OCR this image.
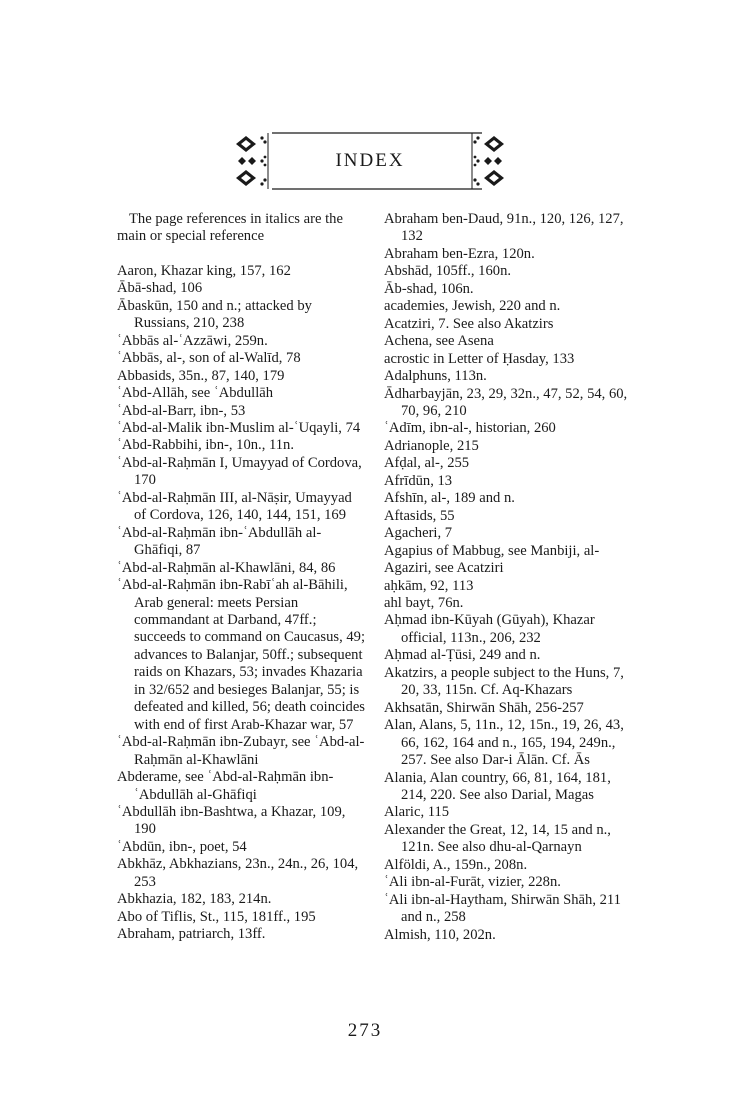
INDEX
The page references in italics are the main or special reference
Aaron, Khazar king, 157, 162
Ābā-shad, 106
Ābaskūn, 150 and n.; attacked by Russians, 210, 238
ʿAbbās al-ʿAzzāwi, 259n.
ʿAbbās, al-, son of al-Walīd, 78
Abbasids, 35n., 87, 140, 179
ʿAbd-Allāh, see ʿAbdullāh
ʿAbd-al-Barr, ibn-, 53
ʿAbd-al-Malik ibn-Muslim al-ʿUqayli, 74
ʿAbd-Rabbihi, ibn-, 10n., 11n.
ʿAbd-al-Raḥmān I, Umayyad of Cordova, 170
ʿAbd-al-Raḥmān III, al-Nāṣir, Umayyad of Cordova, 126, 140, 144, 151, 169
ʿAbd-al-Raḥmān ibn-ʿAbdullāh al-Ghāfiqi, 87
ʿAbd-al-Raḥmān al-Khawlāni, 84, 86
ʿAbd-al-Raḥmān ibn-Rabīʿah al-Bāhili, Arab general: meets Persian commandant at Darband, 47ff.; succeeds to command on Caucasus, 49; advances to Balanjar, 50ff.; subsequent raids on Khazars, 53; invades Khazaria in 32/652 and besieges Balanjar, 55; is defeated and killed, 56; death coincides with end of first Arab-Khazar war, 57
ʿAbd-al-Raḥmān ibn-Zubayr, see ʿAbd-al-Raḥmān al-Khawlāni
Abderame, see ʿAbd-al-Raḥmān ibn-ʿAbdullāh al-Ghāfiqi
ʿAbdullāh ibn-Bashtwa, a Khazar, 109, 190
ʿAbdūn, ibn-, poet, 54
Abkhāz, Abkhazians, 23n., 24n., 26, 104, 253
Abkhazia, 182, 183, 214n.
Abo of Tiflis, St., 115, 181ff., 195
Abraham, patriarch, 13ff.
Abraham ben-Daud, 91n., 120, 126, 127, 132
Abraham ben-Ezra, 120n.
Abshād, 105ff., 160n.
Āb-shad, 106n.
academies, Jewish, 220 and n.
Acatziri, 7. See also Akatzirs
Achena, see Asena
acrostic in Letter of Ḥasday, 133
Adalphuns, 113n.
Ādharbayjān, 23, 29, 32n., 47, 52, 54, 60, 70, 96, 210
ʿAdīm, ibn-al-, historian, 260
Adrianople, 215
Afḍal, al-, 255
Afrīdūn, 13
Afshīn, al-, 189 and n.
Aftasids, 55
Agacheri, 7
Agapius of Mabbug, see Manbiji, al-
Agaziri, see Acatziri
aḥkām, 92, 113
ahl bayt, 76n.
Aḥmad ibn-Kūyah (Gūyah), Khazar official, 113n., 206, 232
Aḥmad al-Ṭūsi, 249 and n.
Akatzirs, a people subject to the Huns, 7, 20, 33, 115n. Cf. Aq-Khazars
Akhsatān, Shirwān Shāh, 256-257
Alan, Alans, 5, 11n., 12, 15n., 19, 26, 43, 66, 162, 164 and n., 165, 194, 249n., 257. See also Dar-i Ālān. Cf. Ās
Alania, Alan country, 66, 81, 164, 181, 214, 220. See also Darial, Magas
Alaric, 115
Alexander the Great, 12, 14, 15 and n., 121n. See also dhu-al-Qarnayn
Alföldi, A., 159n., 208n.
ʿAli ibn-al-Furāt, vizier, 228n.
ʿAli ibn-al-Haytham, Shirwān Shāh, 211 and n., 258
Almish, 110, 202n.
273
